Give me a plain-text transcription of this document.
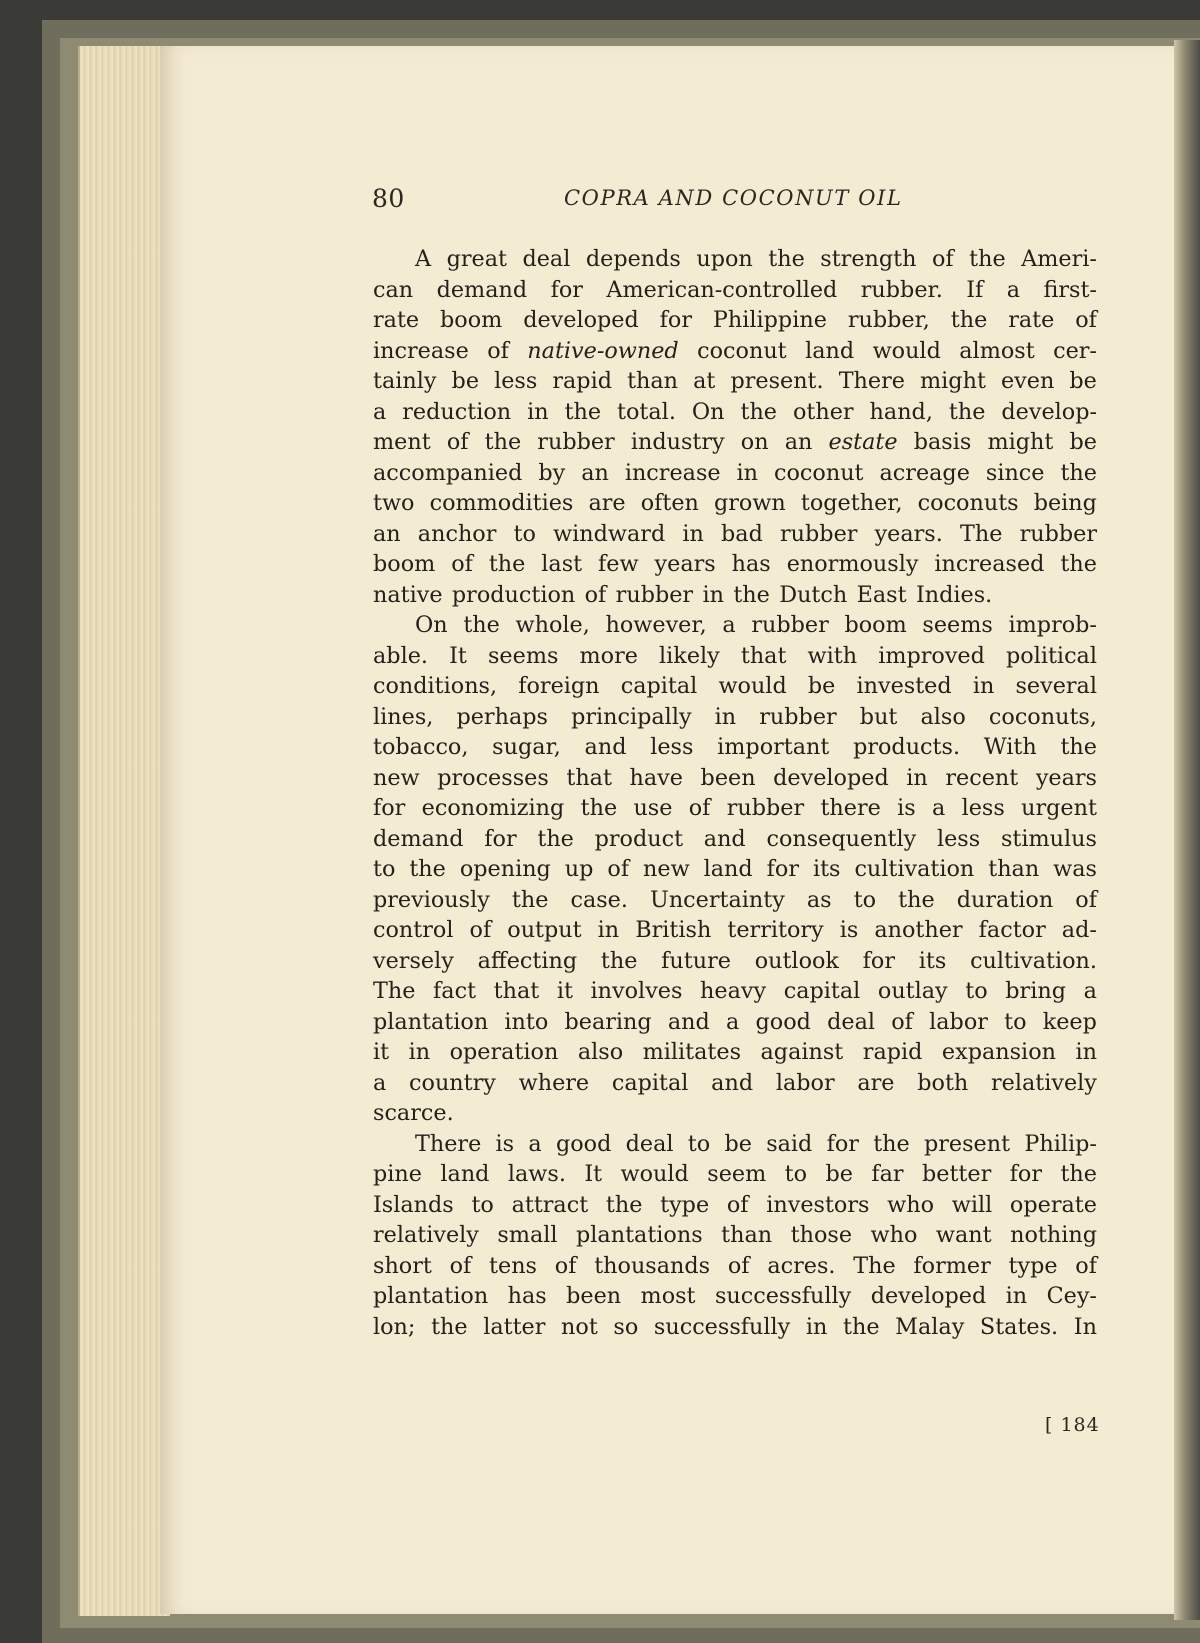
80	COPRA AND COCONUT OIL
A great deal depends upon the strength of the Ameri-
can demand for American-controlled rubber. If a first-
rate boom developed for Philippine rubber, the rate of
increase of native-owned coconut land would almost cer-
tainly be less rapid than at present. There might even be
a reduction in the total. On the other hand, the develop-
ment of the rubber industry on an estate basis might be
accompanied by an increase in coconut acreage since the
two commodities are often grown together, coconuts being
an anchor to windward in bad rubber years. The rubber
boom of the last few years has enormously increased the
native production of rubber in the Dutch East Indies.
On the whole, however, a rubber boom seems improb-
able. It seems more likely that with improved political
conditions, foreign capital would be invested in several
lines, perhaps principally in rubber but also coconuts,
tobacco, sugar, and less important products. With the
new processes that have been developed in recent years
for economizing the use of rubber there is a less urgent
demand for the product and consequently less stimulus
to the opening up of new land for its cultivation than was
previously the case. Uncertainty as to the duration of
control of output in British territory is another factor ad-
versely affecting the future outlook for its cultivation.
The fact that it involves heavy capital outlay to bring a
plantation into bearing and a good deal of labor to keep
it in operation also militates against rapid expansion in
a country where capital and labor are both relatively
scarce.
There is a good deal to be said for the present Philip-
pine land laws. It would seem to be far better for the
Islands to attract the type of investors who will operate
relatively small plantations than those who want nothing
short of tens of thousands of acres. The former type of
plantation has been most successfully developed in Cey-
lon; the latter not so successfully in the Malay States. In
[ 184
